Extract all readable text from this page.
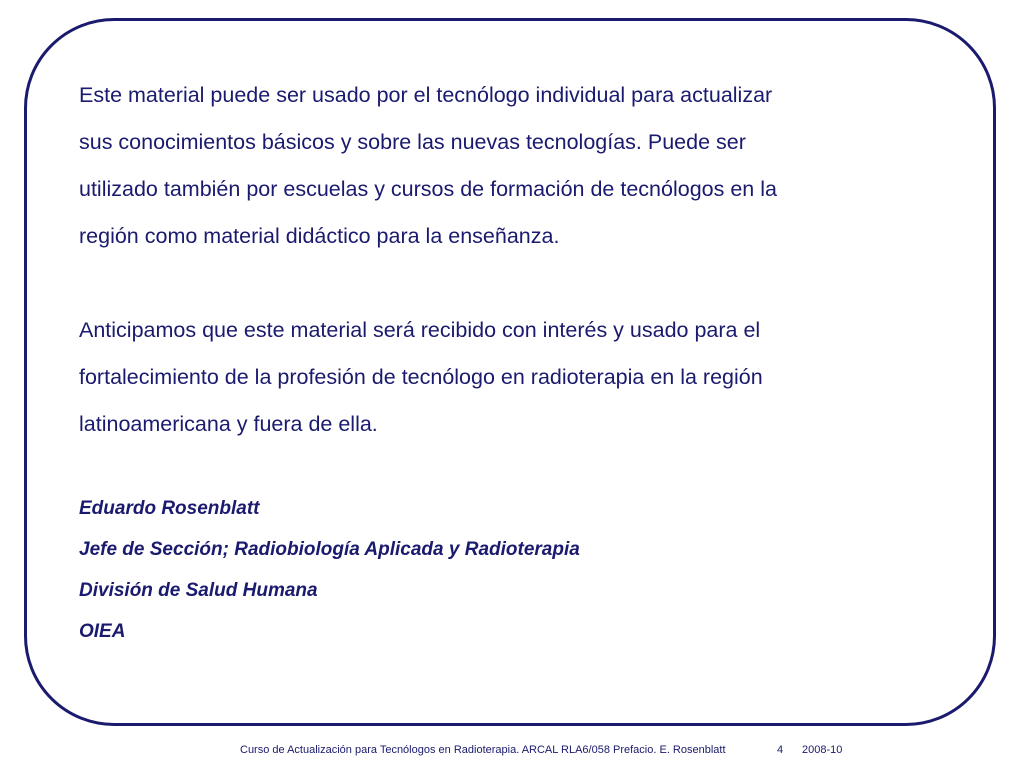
Este material puede ser usado por el tecnólogo individual para actualizar

sus conocimientos básicos y sobre las nuevas tecnologías. Puede ser

utilizado también por escuelas y cursos de formación de tecnólogos en la

región como material didáctico para la enseñanza.

Anticipamos que este material será recibido con interés y usado para el

fortalecimiento de la profesión de tecnólogo en radioterapia en la región

latinoamericana y fuera de ella.

Eduardo Rosenblatt

Jefe de Sección; Radiobiología Aplicada y Radioterapia

División de Salud Humana

OIEA

Curso de Actualización para Tecnólogos en Radioterapia. ARCAL RLA6/058 Prefacio. E. Rosenblatt	4 2008-10
